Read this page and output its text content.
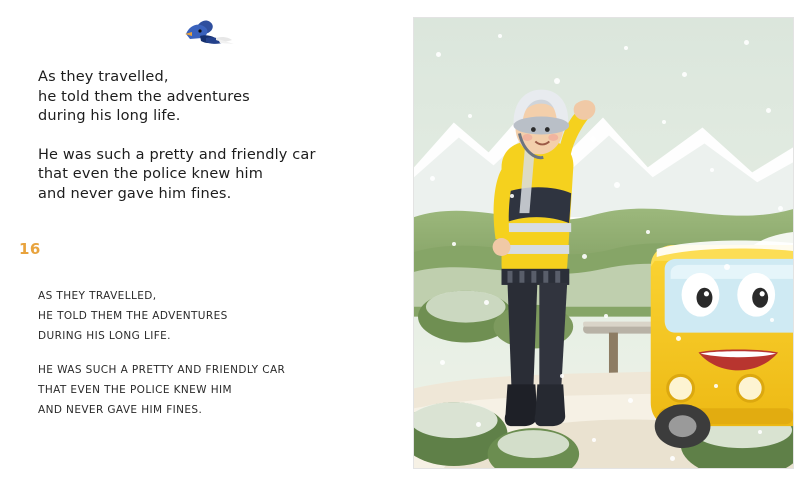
As they travelled,

he told them the adventures

during his long life.

He was such a pretty and friendly car

that even the police knew him

and never gave him fines.

16

AS THEY TRAVELLED,

HE TOLD THEM THE ADVENTURES

DURING HIS LONG LIFE.

HE WAS SUCH A PRETTY AND FRIENDLY CAR

THAT EVEN THE POLICE KNEW HIM

AND NEVER GAVE HIM FINES.
